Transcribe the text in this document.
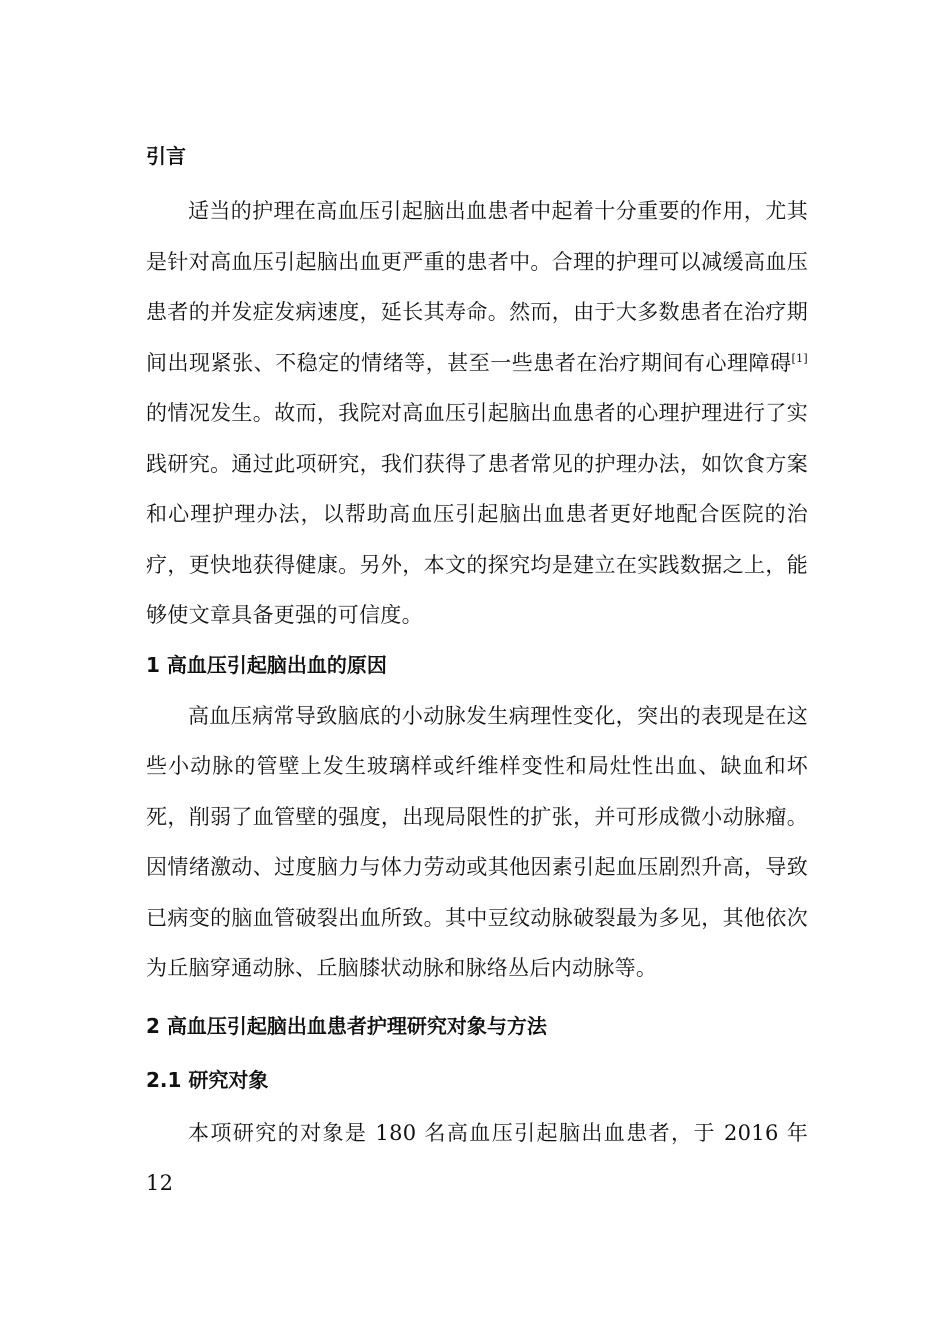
引言

适当的护理在高血压引起脑出血患者中起着十分重要的作用，尤其是针对高血压引起脑出血更严重的患者中。合理的护理可以减缓高血压患者的并发症发病速度，延长其寿命。然而，由于大多数患者在治疗期间出现紧张、不稳定的情绪等，甚至一些患者在治疗期间有心理障碍[1]的情况发生。故而，我院对高血压引起脑出血患者的心理护理进行了实践研究。通过此项研究，我们获得了患者常见的护理办法，如饮食方案和心理护理办法，以帮助高血压引起脑出血患者更好地配合医院的治疗，更快地获得健康。另外，本文的探究均是建立在实践数据之上，能够使文章具备更强的可信度。

1 高血压引起脑出血的原因

高血压病常导致脑底的小动脉发生病理性变化，突出的表现是在这些小动脉的管壁上发生玻璃样或纤维样变性和局灶性出血、缺血和坏死，削弱了血管壁的强度，出现局限性的扩张，并可形成微小动脉瘤。因情绪激动、过度脑力与体力劳动或其他因素引起血压剧烈升高，导致已病变的脑血管破裂出血所致。其中豆纹动脉破裂最为多见，其他依次为丘脑穿通动脉、丘脑膝状动脉和脉络丛后内动脉等。

2 高血压引起脑出血患者护理研究对象与方法
2.1 研究对象

本项研究的对象是 180 名高血压引起脑出血患者，于 2016 年 12
